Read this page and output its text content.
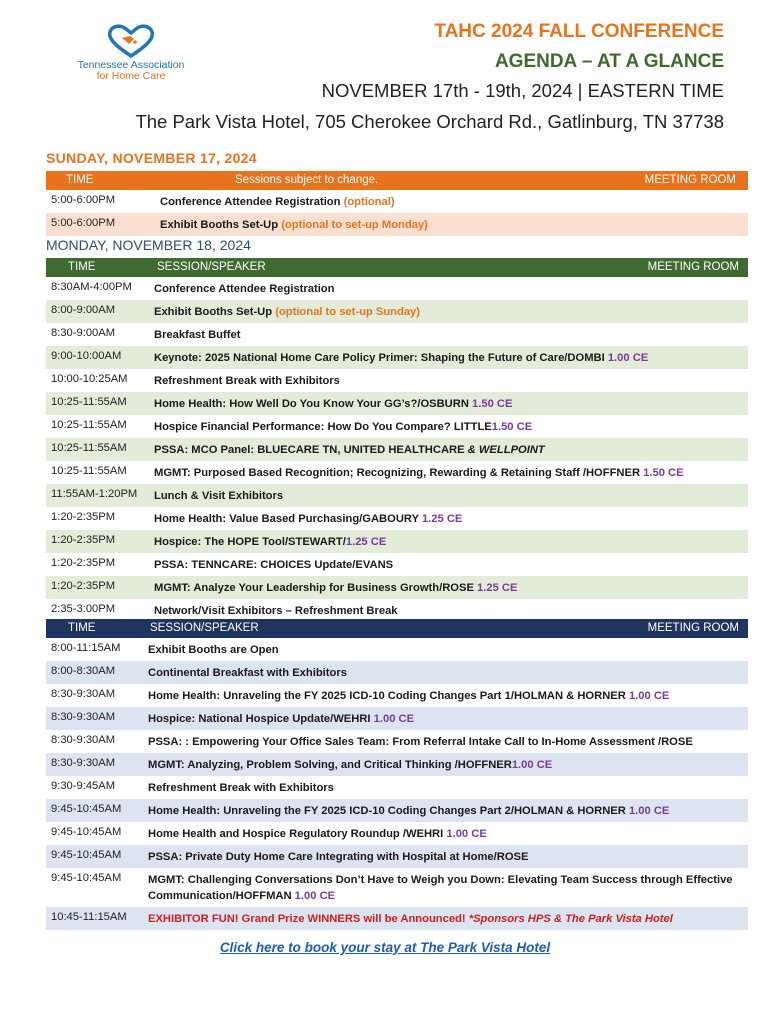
Tennessee Association
for Home Care
TAHC 2024 FALL CONFERENCE
AGENDA – AT A GLANCE
NOVEMBER 17th - 19th, 2024 | EASTERN TIME
The Park Vista Hotel, 705 Cherokee Orchard Rd., Gatlinburg, TN 37738
SUNDAY, NOVEMBER 17, 2024
TIME	Sessions subject to change.	MEETING ROOM
5:00-6:00PM	Conference Attendee Registration (optional)
5:00-6:00PM	Exhibit Booths Set-Up (optional to set-up Monday)
MONDAY, NOVEMBER 18, 2024
TIME	SESSION/SPEAKER	MEETING ROOM
8:30AM-4:00PM	Conference Attendee Registration
8:00-9:00AM	Exhibit Booths Set-Up (optional to set-up Sunday)
8:30-9:00AM	Breakfast Buffet
9:00-10:00AM	Keynote: 2025 National Home Care Policy Primer: Shaping the Future of Care/DOMBI 1.00 CE
10:00-10:25AM	Refreshment Break with Exhibitors
10:25-11:55AM	Home Health: How Well Do You Know Your GG’s?/OSBURN 1.50 CE
10:25-11:55AM	Hospice Financial Performance: How Do You Compare? LITTLE1.50 CE
10:25-11:55AM	PSSA: MCO Panel: BLUECARE TN, UNITED HEALTHCARE & WELLPOINT
10:25-11:55AM	MGMT: Purposed Based Recognition; Recognizing, Rewarding & Retaining Staff /HOFFNER 1.50 CE
11:55AM-1:20PM	Lunch & Visit Exhibitors
1:20-2:35PM	Home Health: Value Based Purchasing/GABOURY 1.25 CE
1:20-2:35PM	Hospice: The HOPE Tool/STEWART/1.25 CE
1:20-2:35PM	PSSA: TENNCARE: CHOICES Update/EVANS
1:20-2:35PM	MGMT: Analyze Your Leadership for Business Growth/ROSE 1.25 CE
2:35-3:00PM	Network/Visit Exhibitors – Refreshment Break
TIME	SESSION/SPEAKER	MEETING ROOM
8:00-11:15AM	Exhibit Booths are Open
8:00-8:30AM	Continental Breakfast with Exhibitors
8:30-9:30AM	Home Health: Unraveling the FY 2025 ICD-10 Coding Changes Part 1/HOLMAN & HORNER 1.00 CE
8:30-9:30AM	Hospice: National Hospice Update/WEHRI 1.00 CE
8:30-9:30AM	PSSA: : Empowering Your Office Sales Team: From Referral Intake Call to In-Home Assessment /ROSE
8:30-9:30AM	MGMT: Analyzing, Problem Solving, and Critical Thinking /HOFFNER1.00 CE
9:30-9:45AM	Refreshment Break with Exhibitors
9:45-10:45AM	Home Health: Unraveling the FY 2025 ICD-10 Coding Changes Part 2/HOLMAN & HORNER 1.00 CE
9:45-10:45AM	Home Health and Hospice Regulatory Roundup /WEHRI 1.00 CE
9:45-10:45AM	PSSA: Private Duty Home Care Integrating with Hospital at Home/ROSE
9:45-10:45AM	MGMT: Challenging Conversations Don’t Have to Weigh you Down: Elevating Team Success through Effective Communication/HOFFMAN 1.00 CE
10:45-11:15AM	EXHIBITOR FUN! Grand Prize WINNERS will be Announced! *Sponsors HPS & The Park Vista Hotel
Click here to book your stay at The Park Vista Hotel
